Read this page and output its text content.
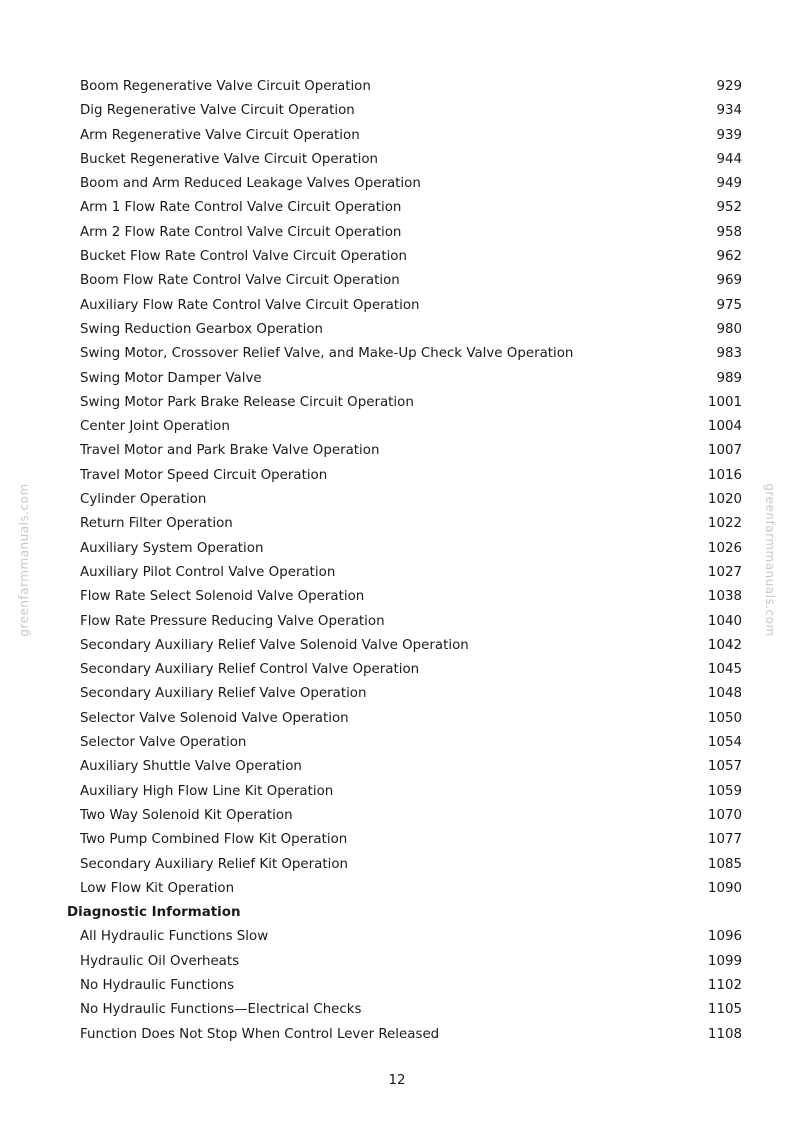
greenfarmmanuals.com	greenfarmmanuals.com
Boom Regenerative Valve Circuit Operation	929
Dig Regenerative Valve Circuit Operation	934
Arm Regenerative Valve Circuit Operation	939
Bucket Regenerative Valve Circuit Operation	944
Boom and Arm Reduced Leakage Valves Operation	949
Arm 1 Flow Rate Control Valve Circuit Operation	952
Arm 2 Flow Rate Control Valve Circuit Operation	958
Bucket Flow Rate Control Valve Circuit Operation	962
Boom Flow Rate Control Valve Circuit Operation	969
Auxiliary Flow Rate Control Valve Circuit Operation	975
Swing Reduction Gearbox Operation	980
Swing Motor, Crossover Relief Valve, and Make-Up Check Valve Operation	983
Swing Motor Damper Valve	989
Swing Motor Park Brake Release Circuit Operation	1001
Center Joint Operation	1004
Travel Motor and Park Brake Valve Operation	1007
Travel Motor Speed Circuit Operation	1016
Cylinder Operation	1020
Return Filter Operation	1022
Auxiliary System Operation	1026
Auxiliary Pilot Control Valve Operation	1027
Flow Rate Select Solenoid Valve Operation	1038
Flow Rate Pressure Reducing Valve Operation	1040
Secondary Auxiliary Relief Valve Solenoid Valve Operation	1042
Secondary Auxiliary Relief Control Valve Operation	1045
Secondary Auxiliary Relief Valve Operation	1048
Selector Valve Solenoid Valve Operation	1050
Selector Valve Operation	1054
Auxiliary Shuttle Valve Operation	1057
Auxiliary High Flow Line Kit Operation	1059
Two Way Solenoid Kit Operation	1070
Two Pump Combined Flow Kit Operation	1077
Secondary Auxiliary Relief Kit Operation	1085
Low Flow Kit Operation	1090
Diagnostic Information
All Hydraulic Functions Slow	1096
Hydraulic Oil Overheats	1099
No Hydraulic Functions	1102
No Hydraulic Functions—Electrical Checks	1105
Function Does Not Stop When Control Lever Released	1108
12
